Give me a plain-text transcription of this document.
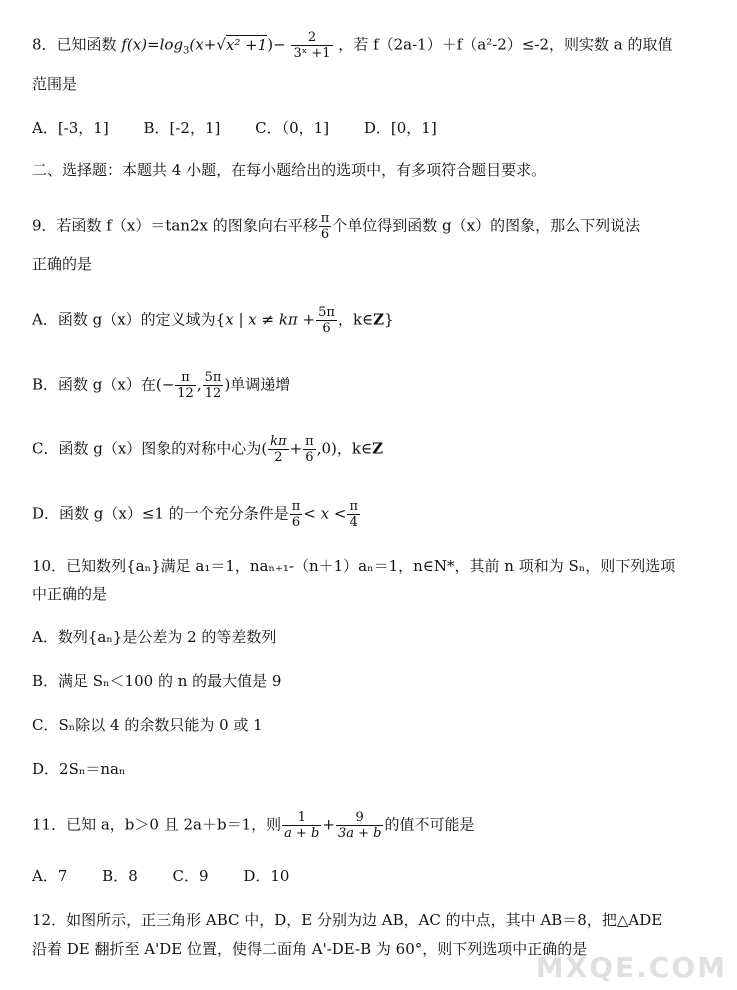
8．已知函数 $f(x)=\log_3(x+√x^2 +1)- \frac{2}{\text{3ˣ +1}}$ ，若 f（2a-1）＋f（a²-2）≤-2，则实数 a 的取值
范围是
A．[-3，1] B．[-2，1] C．（0，1] D．[0，1]
二、选择题：本题共 4 小题，在每小题给出的选项中，有多项符合题目要求。
9．若函数 f（x）＝tan2x 的图象向右平移 $\frac{\pi}{6}$ 个单位得到函数 g（x）的图象，那么下列说法
正确的是
A．函数 g（x）的定义域为{x | $x \ne k\pi + \frac{5\pi}{6}$ ，k∈Z}
B．函数 g（x）在(− $\frac{\pi}{12}$ , $\frac{5\pi}{12}$ )单调递增
C．函数 g（x）图象的对称中心为( $\frac{k\pi}{2} + \frac{\pi}{6} ,0$)，k∈Z
D．函数 g（x）≤1 的一个充分条件是 $\frac{\pi}{6} < x < \frac{\pi}{4}$
10．已知数列{aₙ}满足 a₁＝1，naₙ₊₁-（n＋1）aₙ＝1，n∈N*，其前 n 项和为 Sₙ，则下列选项
中正确的是
A．数列{aₙ}是公差为 2 的等差数列
B．满足 Sₙ＜100 的 n 的最大值是 9
C．Sₙ除以 4 的余数只能为 0 或 1
D．2Sₙ＝naₙ
11．已知 a，b＞0 且 2a＋b＝1，则 $\frac{1}{a + b} + \frac{9}{3a + b}$ 的值不可能是
A．7 B．8 C．9 D．10
12．如图所示，正三角形 ABC 中，D，E 分别为边 AB，AC 的中点，其中 AB＝8，把△ADE
沿着 DE 翻折至 A'DE 位置，使得二面角 A'-DE-B 为 60°，则下列选项中正确的是
MXQE.COM
